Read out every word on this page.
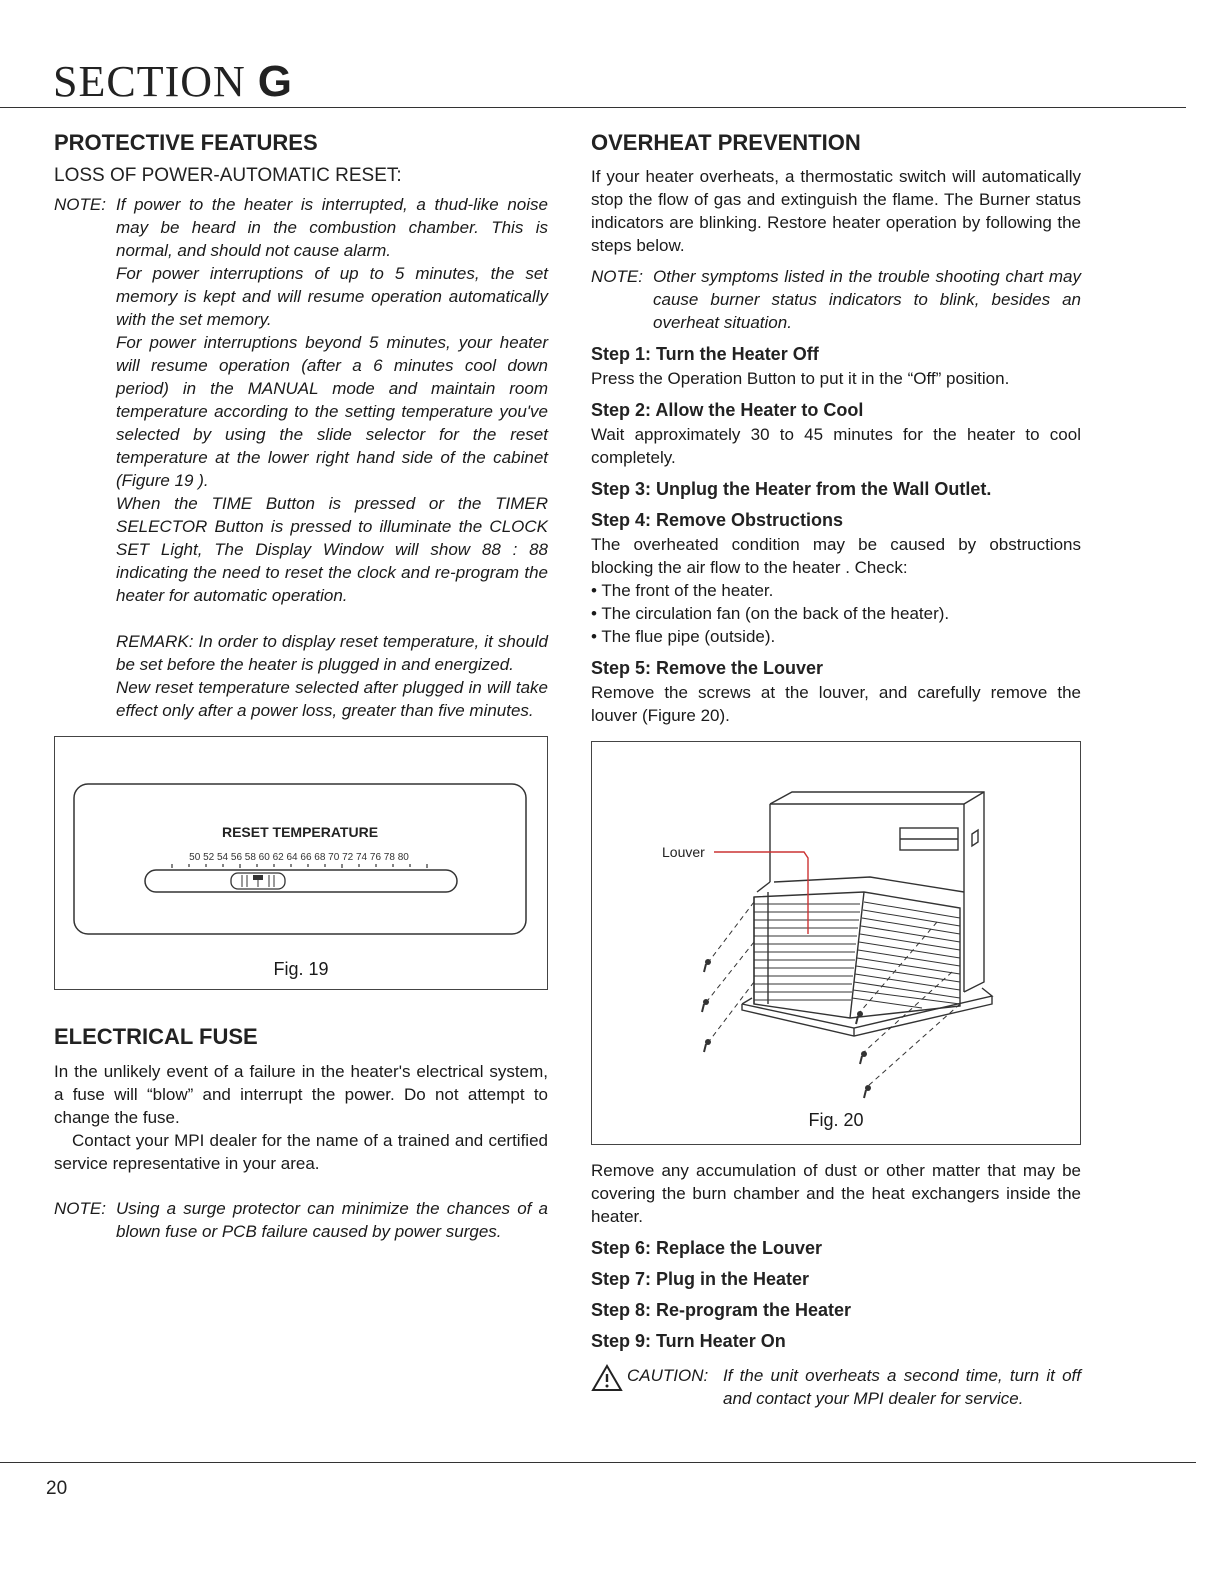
SECTION G
PROTECTIVE FEATURES
LOSS OF POWER-AUTOMATIC RESET:
NOTE: If power to the heater is interrupted, a thud-like noise may be heard in the combustion chamber. This is normal, and should not cause alarm.
For power interruptions of up to 5 minutes, the set memory is kept and will resume operation automatically with the set memory.
For power interruptions beyond 5 minutes, your heater will resume operation (after a 6 minutes cool down period) in the MANUAL mode and maintain room temperature according to the setting temperature you've selected by using the slide selector for the reset temperature at the lower right hand side of the cabinet (Figure 19 ).
When the TIME Button is pressed or the TIMER SELECTOR Button is pressed to illuminate the CLOCK SET Light, The Display Window will show 88 : 88 indicating the need to reset the clock and re-program the heater for automatic operation.
REMARK: In order to display reset temperature, it should be set before the heater is plugged in and energized.
New reset temperature selected after plugged in will take effect only after a power loss, greater than five minutes.
RESET TEMPERATURE
50 52 54 56 58 60 62 64 66 68 70 72 74 76 78 80
Fig. 19
ELECTRICAL FUSE

In the unlikely event of a failure in the heater's electrical system, a fuse will “blow” and interrupt the power. Do not attempt to change the fuse.

Contact your MPI dealer for the name of a trained and certified service representative in your area.

NOTE: Using a surge protector can minimize the chances of a blown fuse or PCB failure caused by power surges.
OVERHEAT PREVENTION

If your heater overheats, a thermostatic switch will automatically stop the flow of gas and extinguish the flame. The Burner status indicators are blinking. Restore heater operation by following the steps below.

NOTE: Other symptoms listed in the trouble shooting chart may cause burner status indicators to blink, besides an overheat situation.
Step 1: Turn the Heater Off

Press the Operation Button to put it in the “Off” position.

Step 2: Allow the Heater to Cool

Wait approximately 30 to 45 minutes for the heater to cool completely.

Step 3: Unplug the Heater from the Wall Outlet.
Step 4: Remove Obstructions

The overheated condition may be caused by obstructions blocking the air flow to the heater . Check:

• The front of the heater.
• The circulation fan (on the back of the heater).
• The flue pipe (outside).
Step 5: Remove the Louver

Remove the screws at the louver, and carefully remove the louver (Figure 20).

Louver
Fig. 20

Remove any accumulation of dust or other matter that may be covering the burn chamber and the heat exchangers inside the heater.

Step 6: Replace the Louver
Step 7: Plug in the Heater
Step 8: Re-program the Heater
Step 9: Turn Heater On
CAUTION: If the unit overheats a second time, turn it off and contact your MPI dealer for service.
20
